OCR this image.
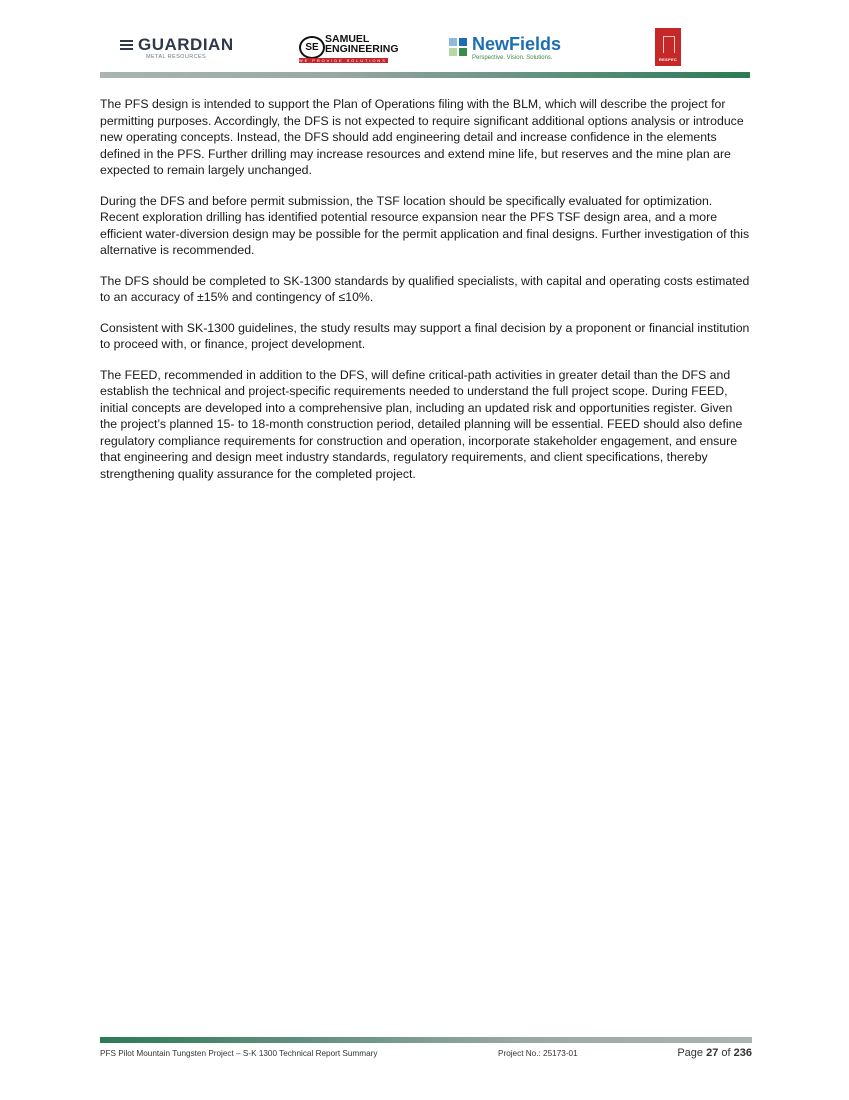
GUARDIAN
METAL RESOURCES
SE
SAMUEL
ENGINEERING
WE PROVIDE SOLUTIONS
NewFields
Perspective. Vision. Solutions.	RESPEC

The PFS design is intended to support the Plan of Operations filing with the BLM, which will describe the project for permitting purposes. Accordingly, the DFS is not expected to require significant additional options analysis or introduce new operating concepts. Instead, the DFS should add engineering detail and increase confidence in the elements defined in the PFS. Further drilling may increase resources and extend mine life, but reserves and the mine plan are expected to remain largely unchanged.

During the DFS and before permit submission, the TSF location should be specifically evaluated for optimization. Recent exploration drilling has identified potential resource expansion near the PFS TSF design area, and a more efficient water-diversion design may be possible for the permit application and final designs. Further investigation of this alternative is recommended.

The DFS should be completed to SK-1300 standards by qualified specialists, with capital and operating costs estimated to an accuracy of ±15% and contingency of ≤10%.

Consistent with SK-1300 guidelines, the study results may support a final decision by a proponent or financial institution to proceed with, or finance, project development.

The FEED, recommended in addition to the DFS, will define critical-path activities in greater detail than the DFS and establish the technical and project-specific requirements needed to understand the full project scope. During FEED, initial concepts are developed into a comprehensive plan, including an updated risk and opportunities register. Given the project’s planned 15- to 18-month construction period, detailed planning will be essential. FEED should also define regulatory compliance requirements for construction and operation, incorporate stakeholder engagement, and ensure that engineering and design meet industry standards, regulatory requirements, and client specifications, thereby strengthening quality assurance for the completed project.

PFS Pilot Mountain Tungsten Project – S-K 1300 Technical Report Summary	Project No.: 25173-01	Page 27 of 236
